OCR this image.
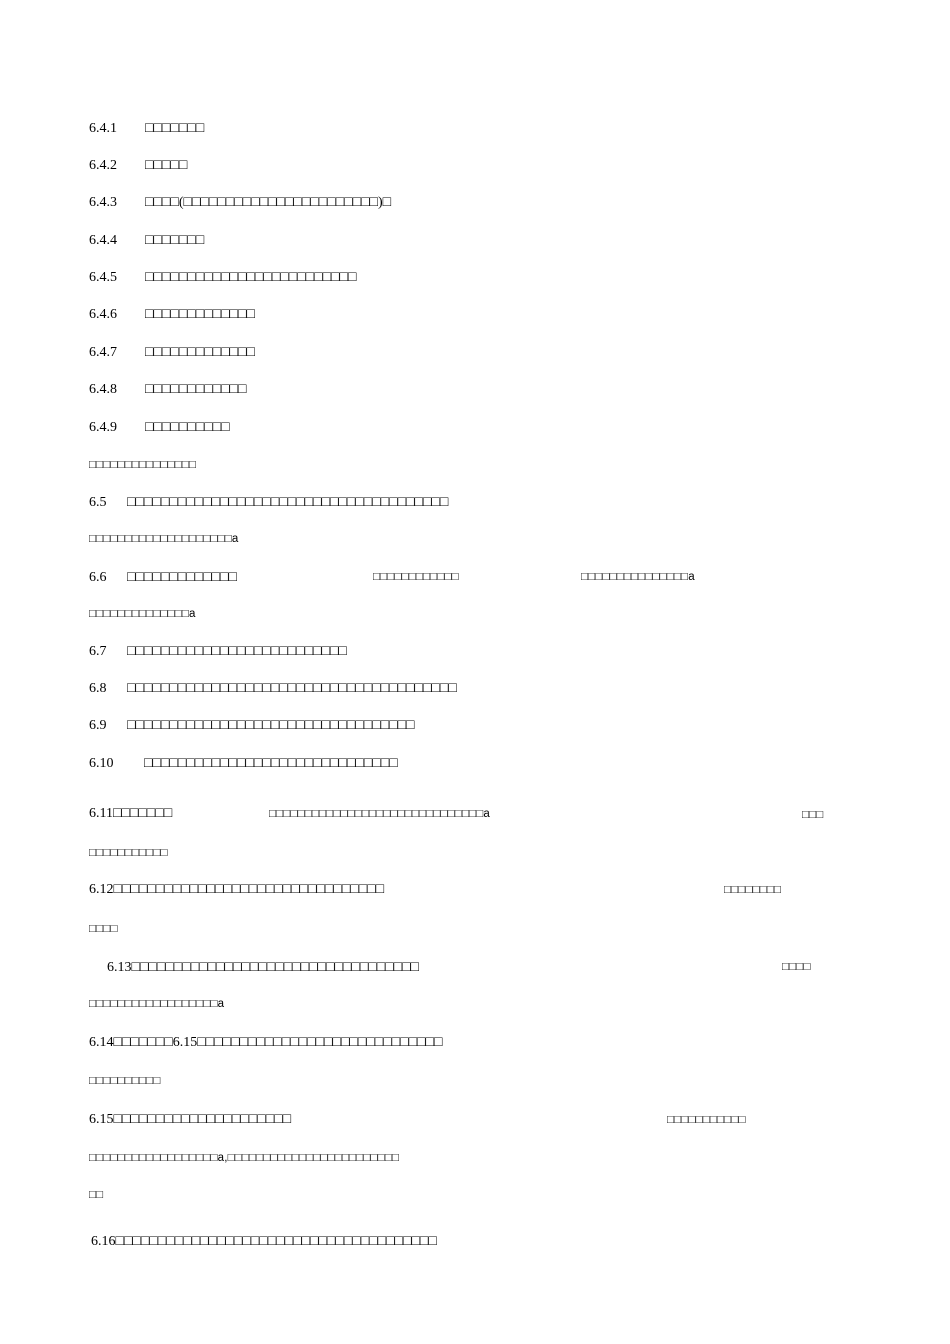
6.4.1 □□□□□□□
6.4.2 □□□□□
6.4.3 □□□□(□□□□□□□□□□□□□□□□□□□□□□□)□
6.4.4 □□□□□□□
6.4.5 □□□□□□□□□□□□□□□□□□□□□□□□□
6.4.6 □□□□□□□□□□□□□
6.4.7 □□□□□□□□□□□□□
6.4.8 □□□□□□□□□□□□
6.4.9 □□□□□□□□□□
□□□□□□□□□□□□□□□
6.5 □□□□□□□□□□□□□□□□□□□□□□□□□□□□□□□□□□□□□□
□□□□□□□□□□□□□□□□□□□□a
6.6 □□□□□□□□□□□□□	□□□□□□□□□□□□	□□□□□□□□□□□□□□□a
□□□□□□□□□□□□□□a
6.7 □□□□□□□□□□□□□□□□□□□□□□□□□□
6.8 □□□□□□□□□□□□□□□□□□□□□□□□□□□□□□□□□□□□□□□
6.9 □□□□□□□□□□□□□□□□□□□□□□□□□□□□□□□□□□
6.10 □□□□□□□□□□□□□□□□□□□□□□□□□□□□□□
6.11□□□□□□□	□□□□□□□□□□□□□□□□□□□□□□□□□□□□□□a	□□□
□□□□□□□□□□□
6.12□□□□□□□□□□□□□□□□□□□□□□□□□□□□□□□□	□□□□□□□□
□□□□
6.13□□□□□□□□□□□□□□□□□□□□□□□□□□□□□□□□□□	□□□□
□□□□□□□□□□□□□□□□□□a
6.14□□□□□□□6.15□□□□□□□□□□□□□□□□□□□□□□□□□□□□□
□□□□□□□□□□
6.15□□□□□□□□□□□□□□□□□□□□□	□□□□□□□□□□□
□□□□□□□□□□□□□□□□□□a,□□□□□□□□□□□□□□□□□□□□□□□□
□□
6.16□□□□□□□□□□□□□□□□□□□□□□□□□□□□□□□□□□□□□□
